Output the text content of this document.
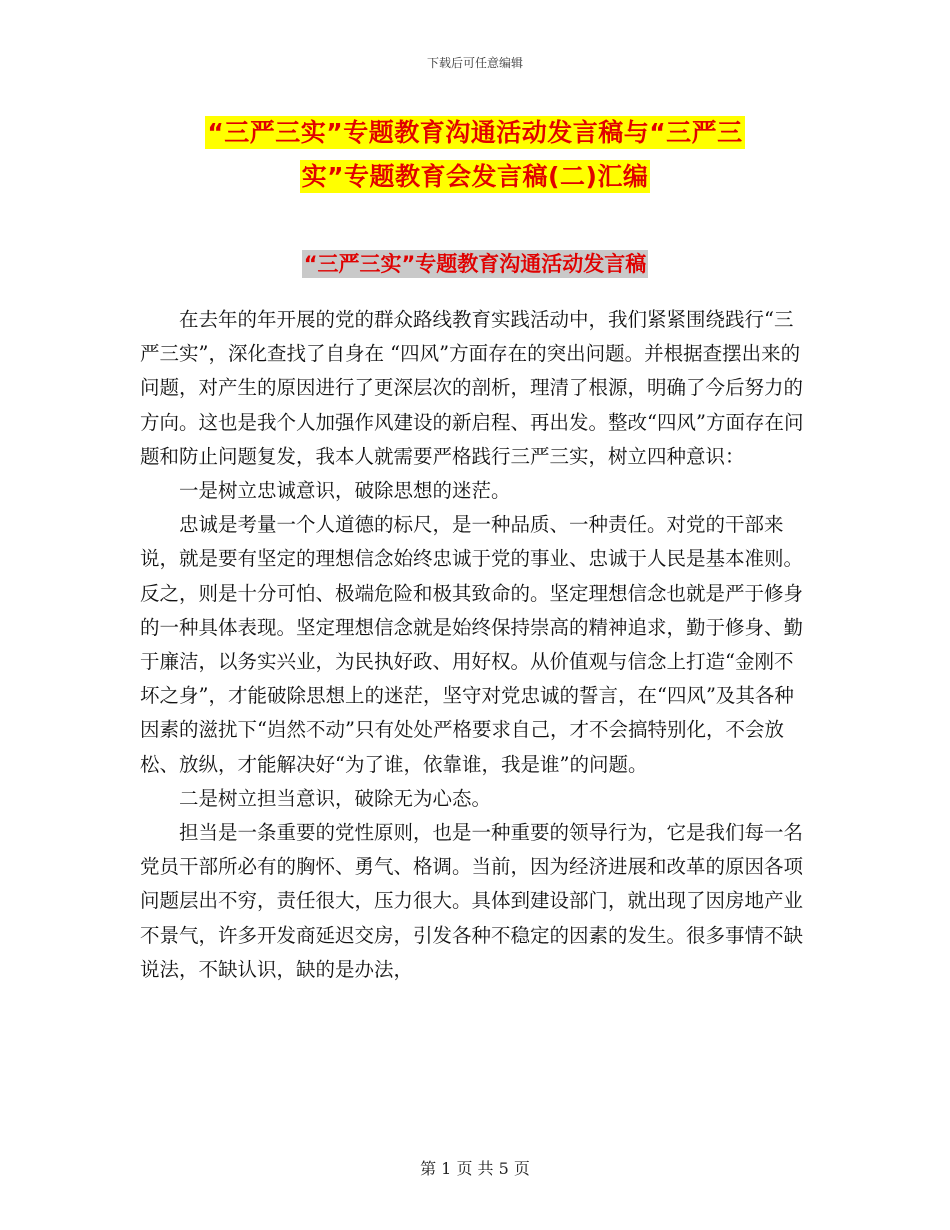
下载后可任意编辑
“三严三实”专题教育沟通活动发言稿与“三严三
实”专题教育会发言稿(二)汇编
“三严三实”专题教育沟通活动发言稿

在去年的年开展的党的群众路线教育实践活动中，我们紧紧围绕践行“三严三实”，深化查找了自身在 “四风”方面存在的突出问题。并根据查摆出来的问题，对产生的原因进行了更深层次的剖析，理清了根源，明确了今后努力的方向。这也是我个人加强作风建设的新启程、再出发。整改“四风”方面存在问题和防止问题复发，我本人就需要严格践行三严三实，树立四种意识：

一是树立忠诚意识，破除思想的迷茫。

忠诚是考量一个人道德的标尺，是一种品质、一种责任。对党的干部来说，就是要有坚定的理想信念始终忠诚于党的事业、忠诚于人民是基本准则。反之，则是十分可怕、极端危险和极其致命的。坚定理想信念也就是严于修身的一种具体表现。坚定理想信念就是始终保持崇高的精神追求，勤于修身、勤于廉洁，以务实兴业，为民执好政、用好权。从价值观与信念上打造“金刚不坏之身”，才能破除思想上的迷茫，坚守对党忠诚的誓言，在“四风”及其各种因素的滋扰下“岿然不动”只有处处严格要求自己，才不会搞特别化，不会放松、放纵，才能解决好“为了谁，依靠谁，我是谁”的问题。

二是树立担当意识，破除无为心态。

担当是一条重要的党性原则，也是一种重要的领导行为，它是我们每一名党员干部所必有的胸怀、勇气、格调。当前，因为经济进展和改革的原因各项问题层出不穷，责任很大，压力很大。具体到建设部门，就出现了因房地产业不景气，许多开发商延迟交房，引发各种不稳定的因素的发生。很多事情不缺说法，不缺认识，缺的是办法，

第 1 页 共 5 页
